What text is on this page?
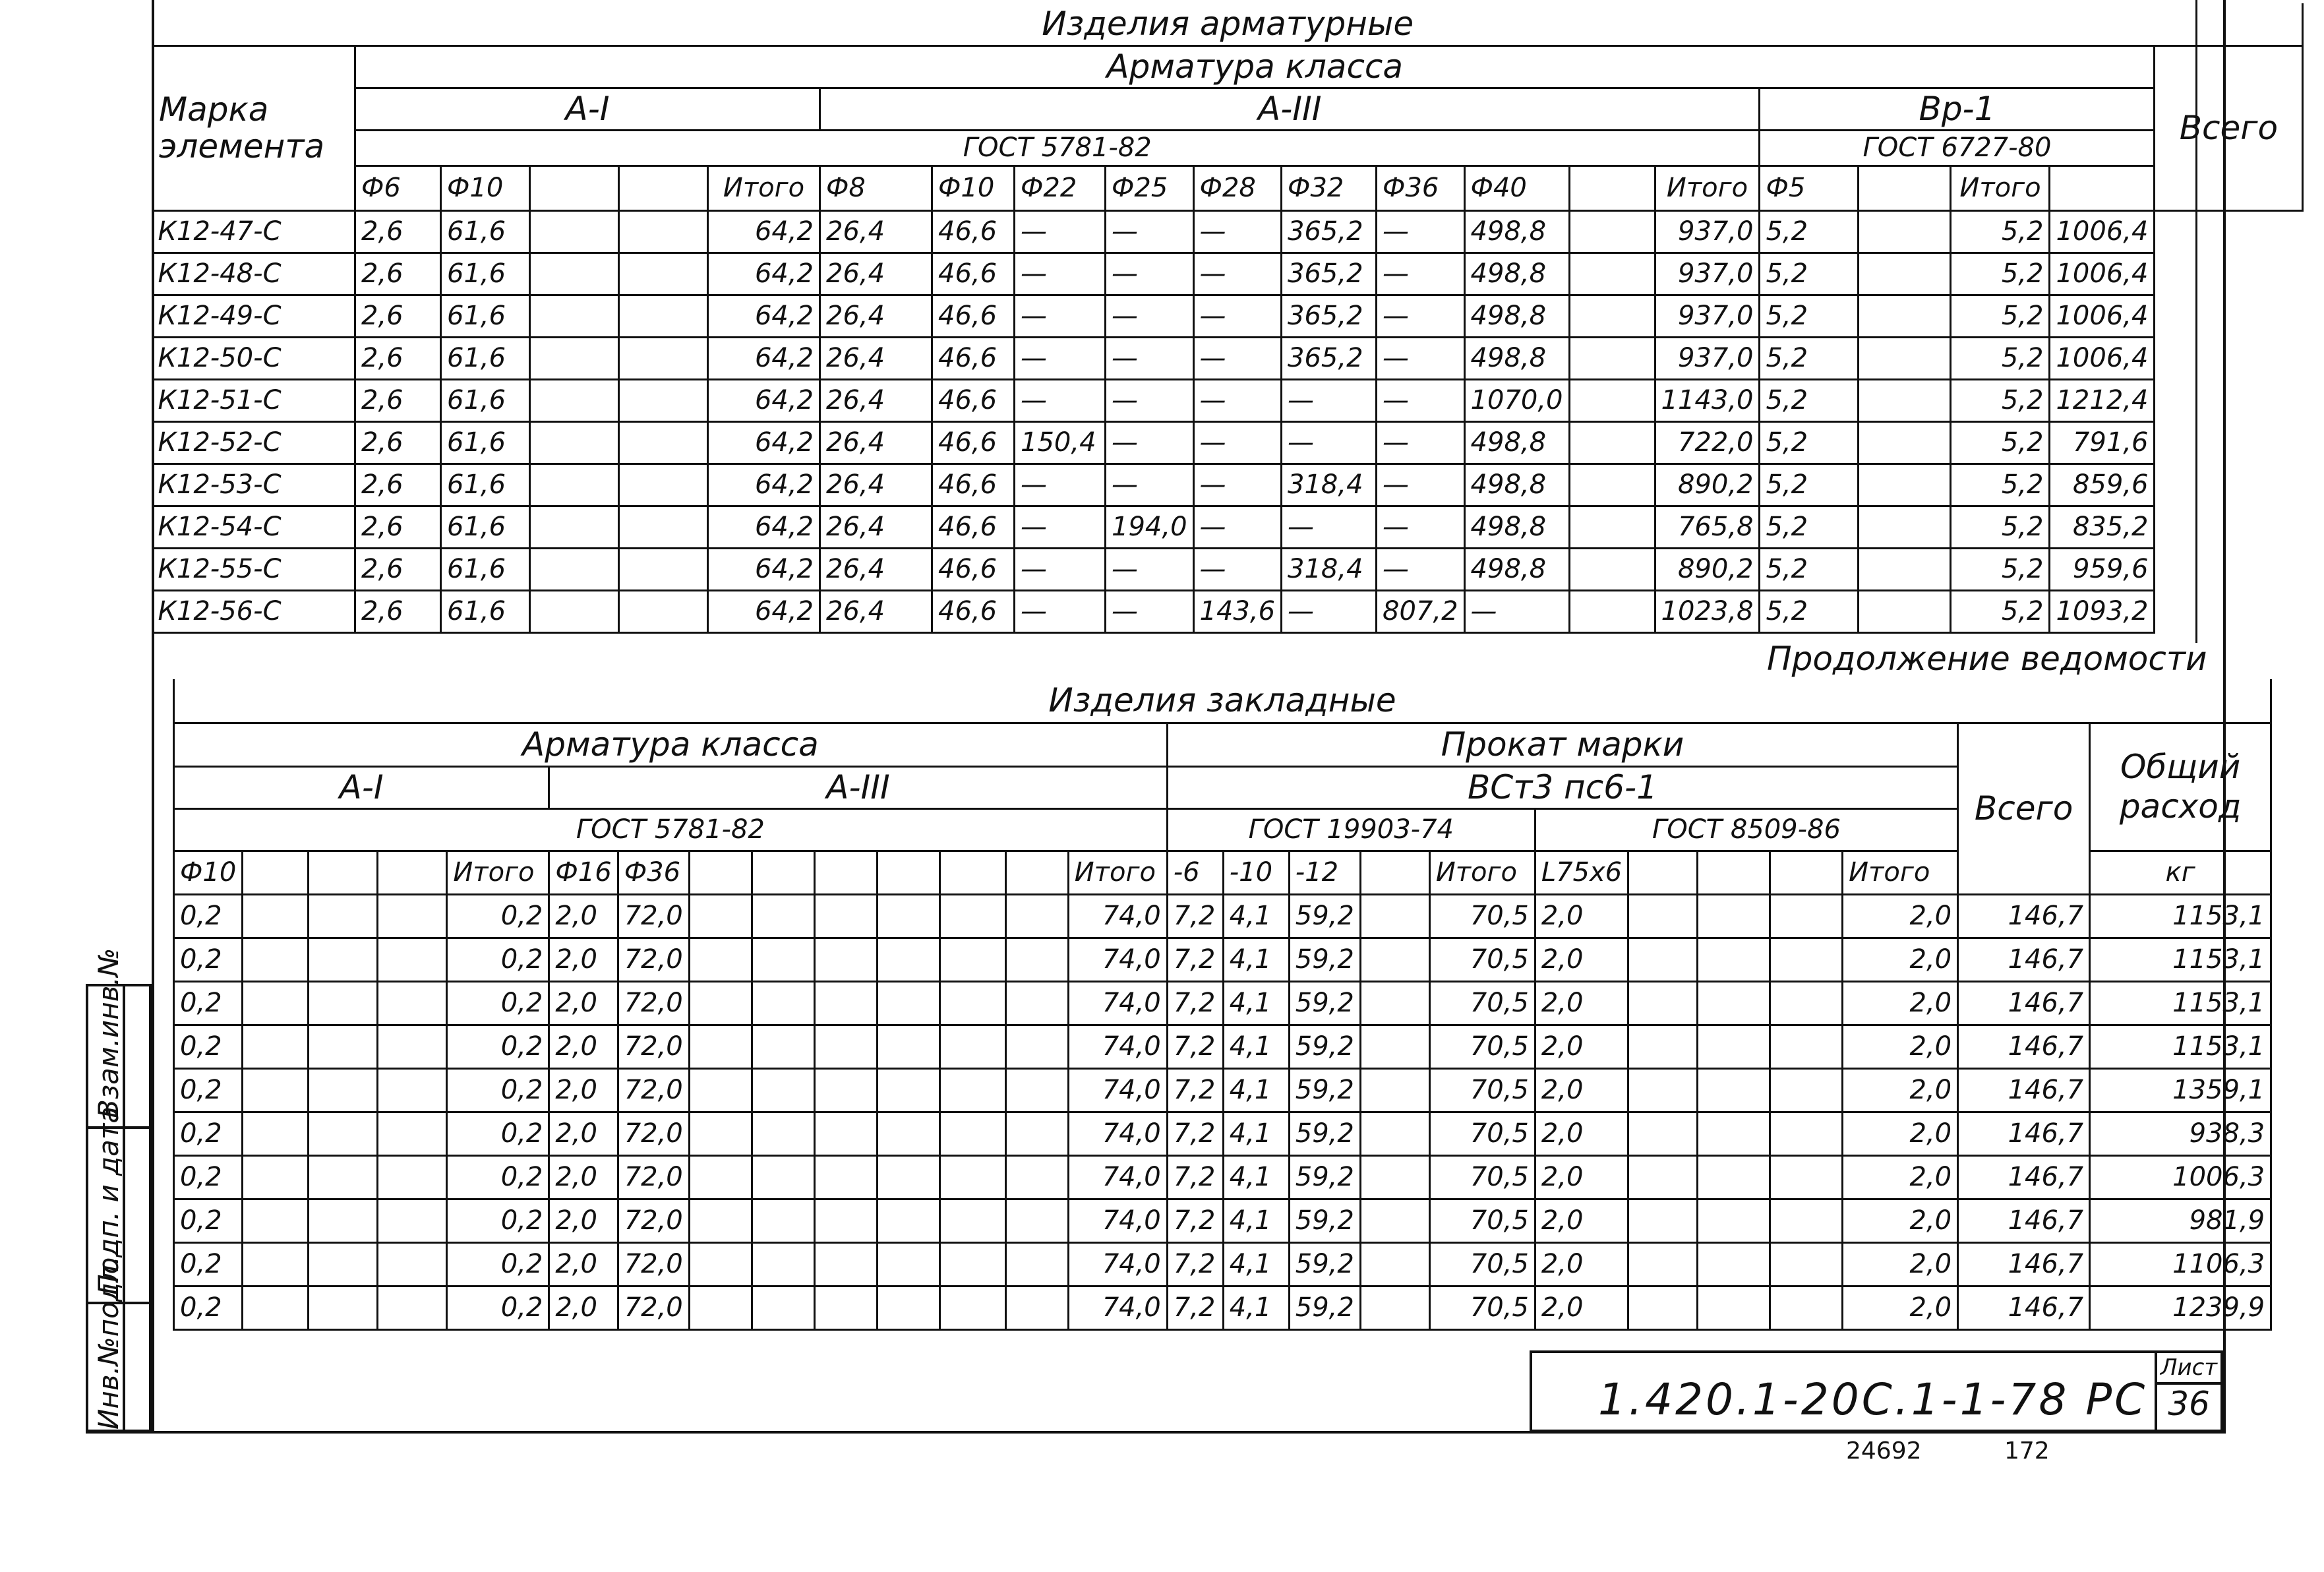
Изделия арматурные																				
Марка элемента	Арматура класса																			Всего
	А-I					А-III										Вр-1				
	ГОСТ 5781-82															ГОСТ 6727-80				
	Ф6	Ф10			Итого	Ф8	Ф10	Ф22	Ф25	Ф28	Ф32	Ф36	Ф40		Итого	Ф5		Итого		
К12-47-С	2,6	61,6			64,2	26,4	46,6	—	—	—	365,2	—	498,8		937,0	5,2		5,2	1006,4	
К12-48-С	2,6	61,6			64,2	26,4	46,6	—	—	—	365,2	—	498,8		937,0	5,2		5,2	1006,4	
К12-49-С	2,6	61,6			64,2	26,4	46,6	—	—	—	365,2	—	498,8		937,0	5,2		5,2	1006,4	
К12-50-С	2,6	61,6			64,2	26,4	46,6	—	—	—	365,2	—	498,8		937,0	5,2		5,2	1006,4	
К12-51-С	2,6	61,6			64,2	26,4	46,6	—	—	—	—	—	1070,0		1143,0	5,2		5,2	1212,4	
К12-52-С	2,6	61,6			64,2	26,4	46,6	150,4	—	—	—	—	498,8		722,0	5,2		5,2	791,6	
К12-53-С	2,6	61,6			64,2	26,4	46,6	—	—	—	318,4	—	498,8		890,2	5,2		5,2	859,6	
К12-54-С	2,6	61,6			64,2	26,4	46,6	—	194,0	—	—	—	498,8		765,8	5,2		5,2	835,2	
К12-55-С	2,6	61,6			64,2	26,4	46,6	—	—	—	318,4	—	498,8		890,2	5,2		5,2	959,6	
К12-56-С	2,6	61,6			64,2	26,4	46,6	—	—	143,6	—	807,2	—		1023,8	5,2		5,2	1093,2	
Продолжение ведомости
Изделия закладные																									
Арматура класса														Прокат марки										Всего	Общий расход
А-I					А-III									ВСт3 пс6-1											
ГОСТ 5781-82														ГОСТ 19903-74					ГОСТ 8509-86						
Ф10				Итого	Ф16	Ф36							Итого	-6	-10	-12		Итого	L75х6				Итого		кг
0,2				0,2	2,0	72,0							74,0	7,2	4,1	59,2		70,5	2,0				2,0	146,7	1153,1
0,2				0,2	2,0	72,0							74,0	7,2	4,1	59,2		70,5	2,0				2,0	146,7	1153,1
0,2				0,2	2,0	72,0							74,0	7,2	4,1	59,2		70,5	2,0				2,0	146,7	1153,1
0,2				0,2	2,0	72,0							74,0	7,2	4,1	59,2		70,5	2,0				2,0	146,7	1153,1
0,2				0,2	2,0	72,0							74,0	7,2	4,1	59,2		70,5	2,0				2,0	146,7	1359,1
0,2				0,2	2,0	72,0							74,0	7,2	4,1	59,2		70,5	2,0				2,0	146,7	938,3
0,2				0,2	2,0	72,0							74,0	7,2	4,1	59,2		70,5	2,0				2,0	146,7	1006,3
0,2				0,2	2,0	72,0							74,0	7,2	4,1	59,2		70,5	2,0				2,0	146,7	981,9
0,2				0,2	2,0	72,0							74,0	7,2	4,1	59,2		70,5	2,0				2,0	146,7	1106,3
0,2				0,2	2,0	72,0							74,0	7,2	4,1	59,2		70,5	2,0				2,0	146,7	1239,9

Взам.инв.№
Подп. и дата
Инв.№подл.	1.420.1-20С.1-1-78 РС
Лист
36
24692	172
